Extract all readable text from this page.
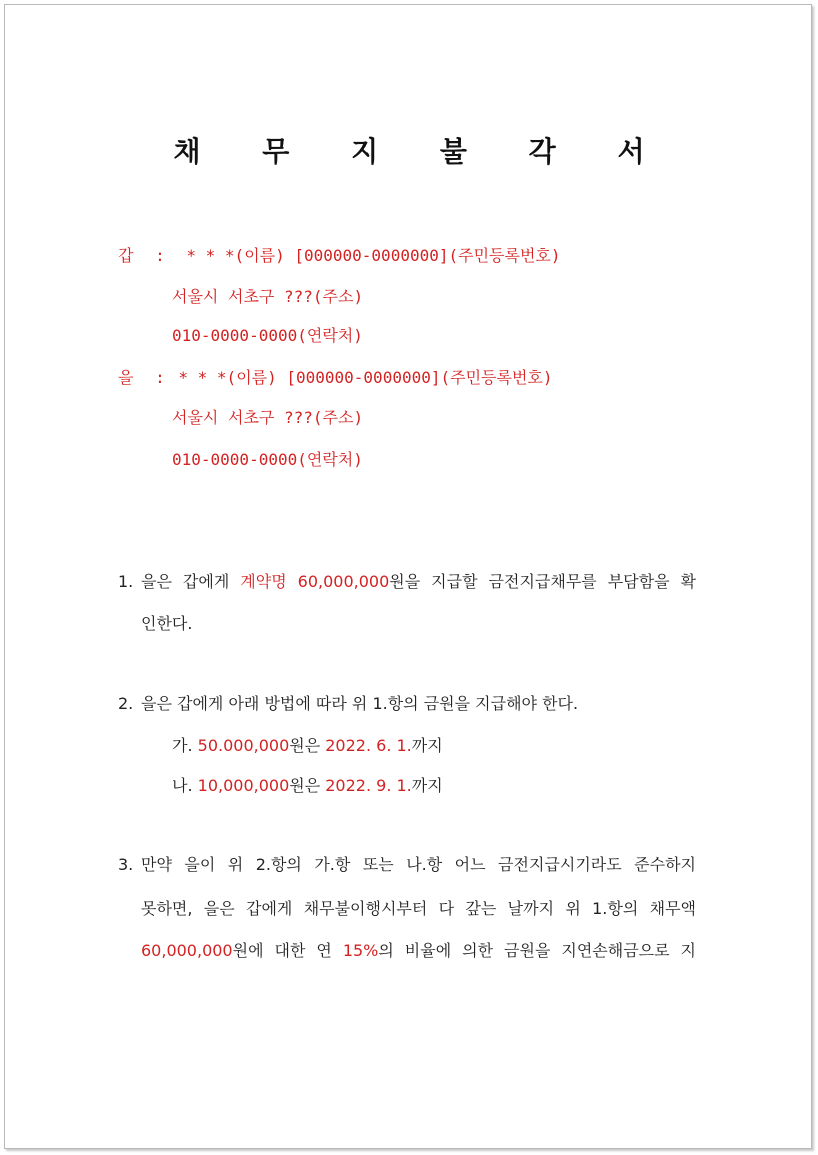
채 무 지 불 각 서
갑 : * * *(이름) [000000-0000000](주민등록번호)
서울시 서초구 ???(주소)
010-0000-0000(연락처)
을 : * * *(이름) [000000-0000000](주민등록번호)
서울시 서초구 ???(주소)
010-0000-0000(연락처)
1. 을은 갑에게 계약명 60,000,000원을 지급할 금전지급채무를 부담함을 확
인한다.
2. 을은 갑에게 아래 방법에 따라 위 1.항의 금원을 지급해야 한다.
가. 50.000,000원은 2022. 6. 1.까지
나. 10,000,000원은 2022. 9. 1.까지
3. 만약 을이 위 2.항의 가.항 또는 나.항 어느 금전지급시기라도 준수하지
못하면, 을은 갑에게 채무불이행시부터 다 갚는 날까지 위 1.항의 채무액
60,000,000원에 대한 연 15%의 비율에 의한 금원을 지연손해금으로 지
